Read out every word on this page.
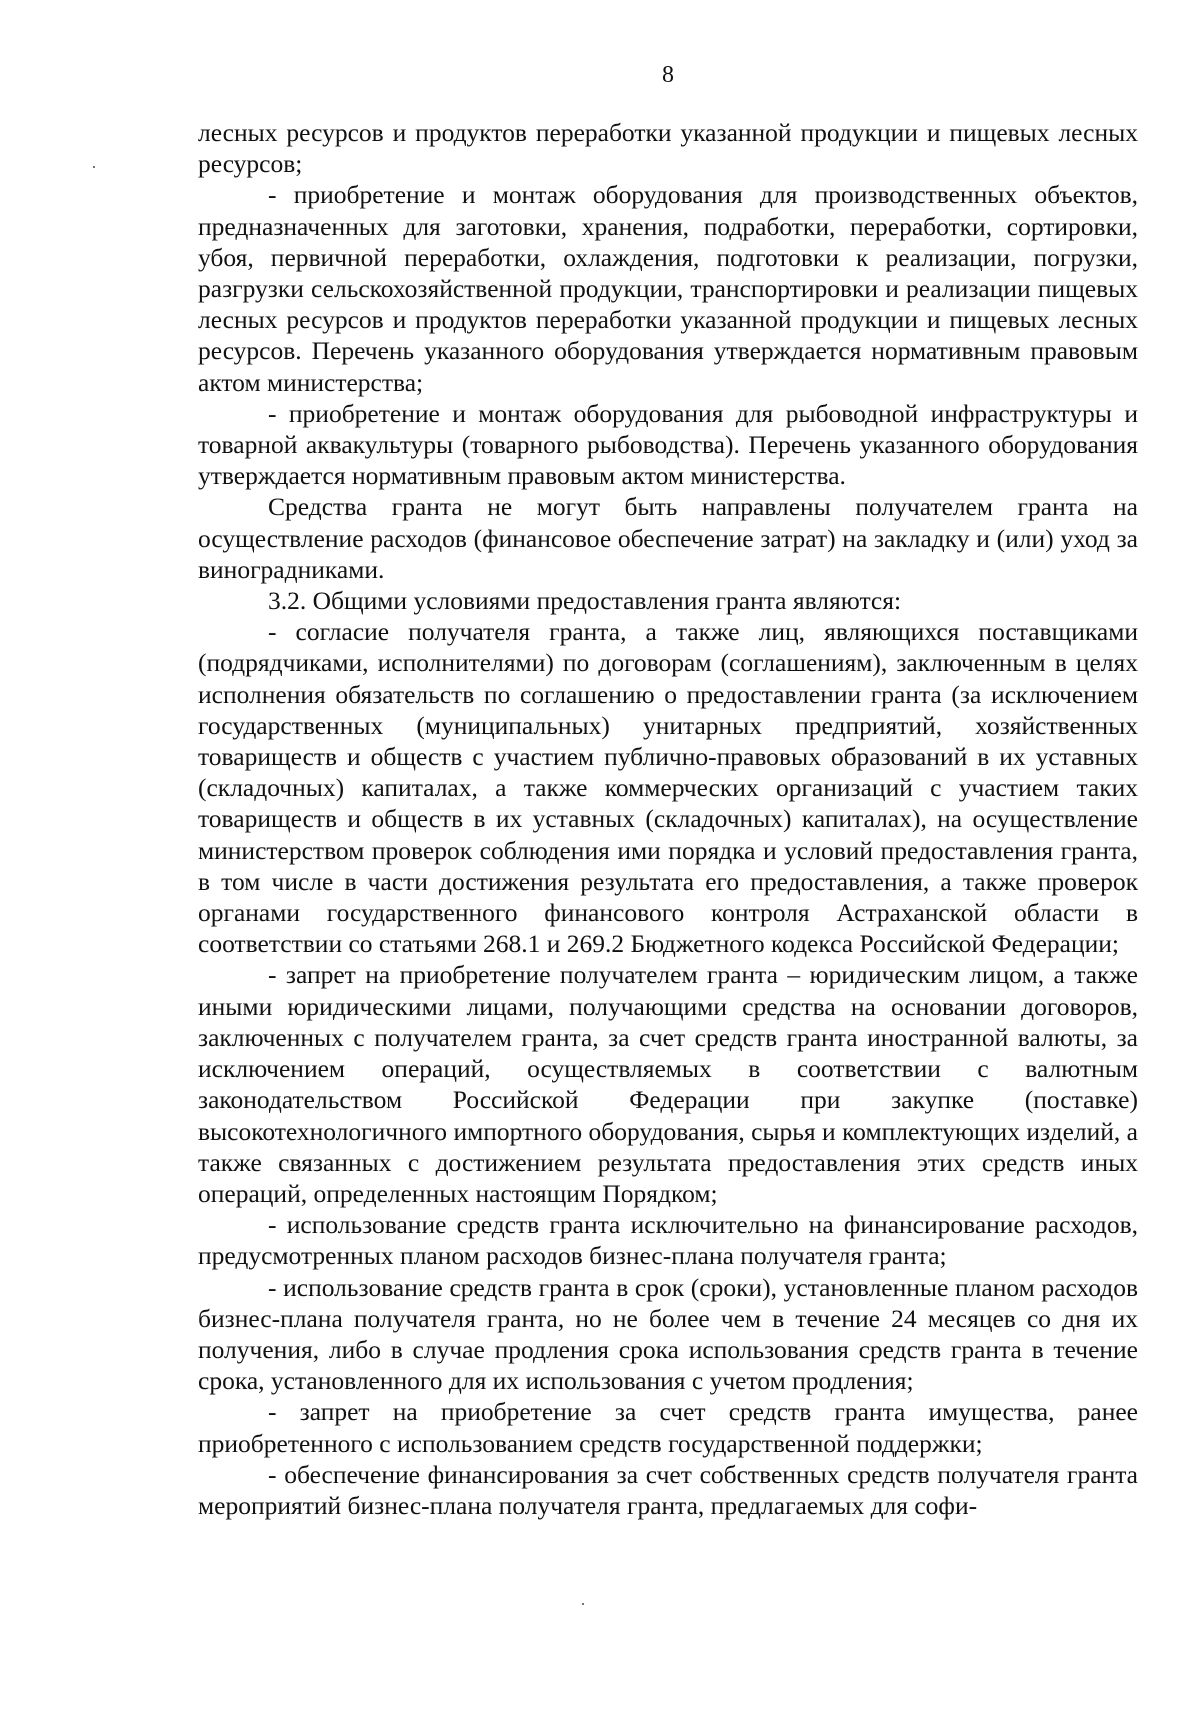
8

лесных ресурсов и продуктов переработки указанной продукции и пищевых лесных ресурсов;

- приобретение и монтаж оборудования для производственных объектов, предназначенных для заготовки, хранения, подработки, переработки, сортировки, убоя, первичной переработки, охлаждения, подготовки к реализации, погрузки, разгрузки сельскохозяйственной продукции, транспортировки и реализации пищевых лесных ресурсов и продуктов переработки указанной продукции и пищевых лесных ресурсов. Перечень указанного оборудования утверждается нормативным правовым актом министерства;

- приобретение и монтаж оборудования для рыбоводной инфраструктуры и товарной аквакультуры (товарного рыбоводства). Перечень указанного оборудования утверждается нормативным правовым актом министерства.

Средства гранта не могут быть направлены получателем гранта на осуществление расходов (финансовое обеспечение затрат) на закладку и (или) уход за виноградниками.

3.2. Общими условиями предоставления гранта являются:

- согласие получателя гранта, а также лиц, являющихся поставщиками (подрядчиками, исполнителями) по договорам (соглашениям), заключенным в целях исполнения обязательств по соглашению о предоставлении гранта (за исключением государственных (муниципальных) унитарных предприятий, хозяйственных товариществ и обществ с участием публично-правовых образований в их уставных (складочных) капиталах, а также коммерческих организаций с участием таких товариществ и обществ в их уставных (складочных) капиталах), на осуществление министерством проверок соблюдения ими порядка и условий предоставления гранта, в том числе в части достижения результата его предоставления, а также проверок органами государственного финансового контроля Астраханской области в соответствии со статьями 268.1 и 269.2 Бюджетного кодекса Российской Федерации;

- запрет на приобретение получателем гранта – юридическим лицом, а также иными юридическими лицами, получающими средства на основании договоров, заключенных с получателем гранта, за счет средств гранта иностранной валюты, за исключением операций, осуществляемых в соответствии с валютным законодательством Российской Федерации при закупке (поставке) высокотехнологичного импортного оборудования, сырья и комплектующих изделий, а также связанных с достижением результата предоставления этих средств иных операций, определенных настоящим Порядком;

- использование средств гранта исключительно на финансирование расходов, предусмотренных планом расходов бизнес-плана получателя гранта;

- использование средств гранта в срок (сроки), установленные планом расходов бизнес-плана получателя гранта, но не более чем в течение 24 месяцев со дня их получения, либо в случае продления срока использования средств гранта в течение срока, установленного для их использования с учетом продления;

- запрет на приобретение за счет средств гранта имущества, ранее приобретенного с использованием средств государственной поддержки;

- обеспечение финансирования за счет собственных средств получателя гранта мероприятий бизнес-плана получателя гранта, предлагаемых для софи-
